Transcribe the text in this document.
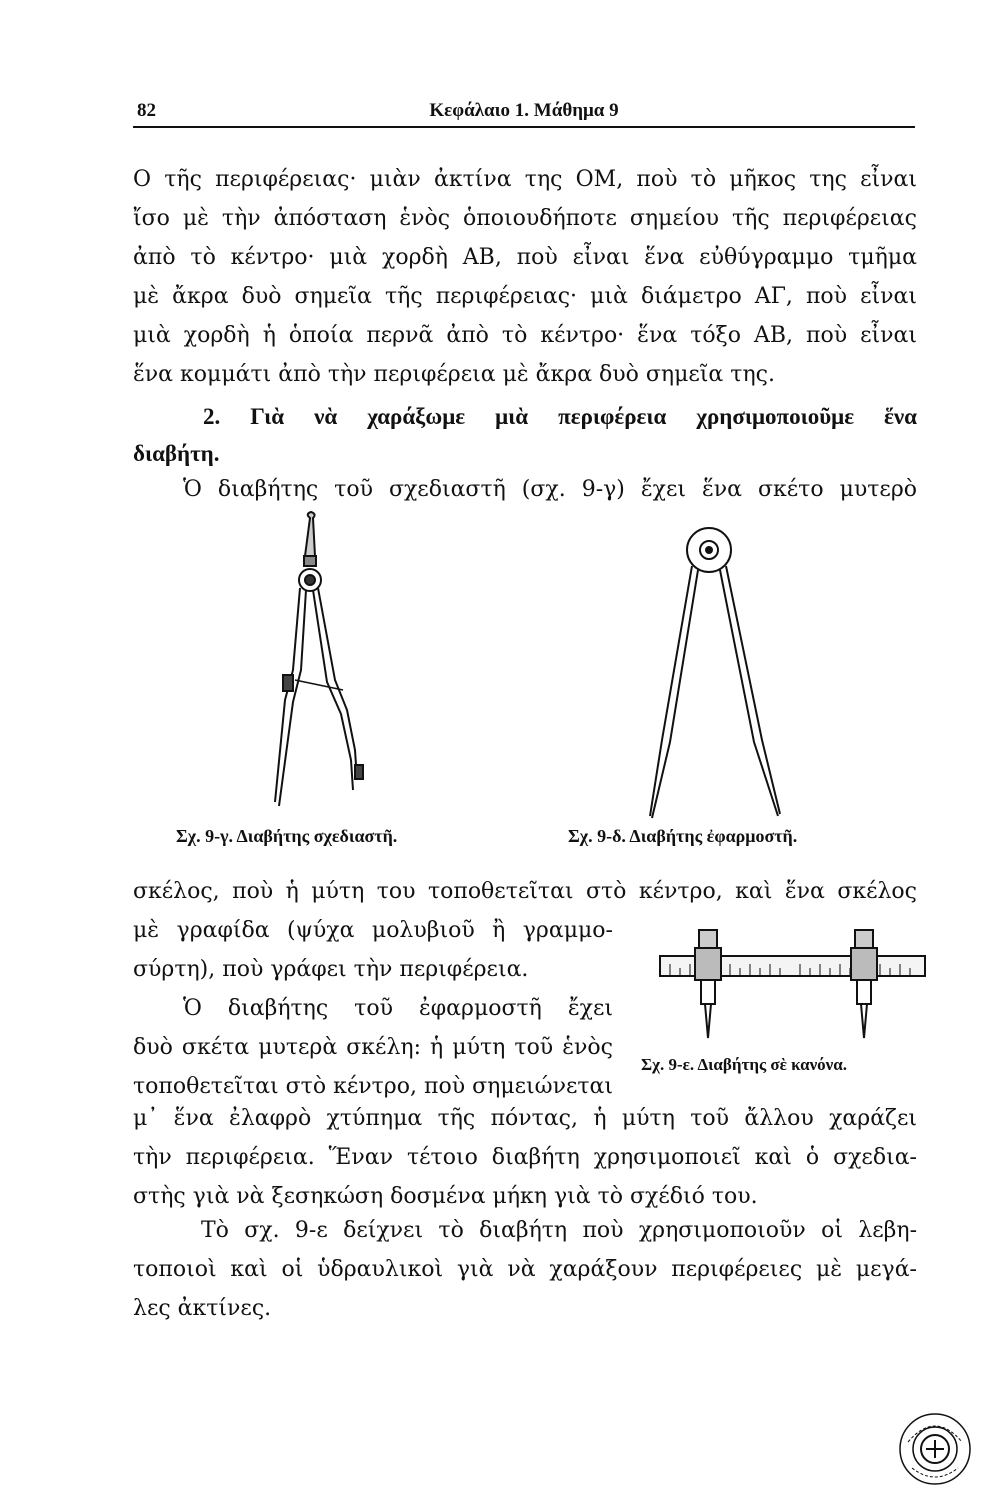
82	Κεφάλαιο 1. Μάθημα 9
Ο τῆς περιφέρειας· μιὰν ἀκτίνα της ΟΜ, ποὺ τὸ μῆκος της εἶναι
ἴσο μὲ τὴν ἀπόσταση ἑνὸς ὁποιουδήποτε σημείου τῆς περιφέρειας
ἀπὸ τὸ κέντρο· μιὰ χορδὴ ΑΒ, ποὺ εἶναι ἕνα εὐθύγραμμο τμῆμα
μὲ ἄκρα δυὸ σημεῖα τῆς περιφέρειας· μιὰ διάμετρο ΑΓ, ποὺ εἶναι
μιὰ χορδὴ ἡ ὁποία περνᾶ ἀπὸ τὸ κέντρο· ἕνα τόξο ΑΒ, ποὺ εἶναι
ἕνα κομμάτι ἀπὸ τὴν περιφέρεια μὲ ἄκρα δυὸ σημεῖα της.
2. Γιὰ νὰ χαράξωμε μιὰ περιφέρεια χρησιμοποιοῦμε ἕνα
διαβήτη.
Ὁ διαβήτης τοῦ σχεδιαστῆ (σχ. 9-γ) ἔχει ἕνα σκέτο μυτερὸ
Σχ. 9-γ. Διαβήτης σχεδιαστῆ.	Σχ. 9-δ. Διαβήτης ἐφαρμοστῆ.
σκέλος, ποὺ ἡ μύτη του τοποθετεῖται στὸ κέντρο, καὶ ἕνα σκέλος
μὲ γραφίδα (ψύχα μολυβιοῦ ἢ γραμμο-
σύρτη), ποὺ γράφει τὴν περιφέρεια.
Ὁ διαβήτης τοῦ ἐφαρμοστῆ ἔχει
δυὸ σκέτα μυτερὰ σκέλη: ἡ μύτη τοῦ ἑνὸς
τοποθετεῖται στὸ κέντρο, ποὺ σημειώνεται
Σχ. 9-ε. Διαβήτης σὲ κανόνα.
μ᾽ ἕνα ἐλαφρὸ χτύπημα τῆς πόντας, ἡ μύτη τοῦ ἄλλου χαράζει
τὴν περιφέρεια. Ἕναν τέτοιο διαβήτη χρησιμοποιεῖ καὶ ὁ σχεδια-
στὴς γιὰ νὰ ξεσηκώση δοσμένα μήκη γιὰ τὸ σχέδιό του.
Τὸ σχ. 9-ε δείχνει τὸ διαβήτη ποὺ χρησιμοποιοῦν οἱ λεβη-
τοποιοὶ καὶ οἱ ὑδραυλικοὶ γιὰ νὰ χαράξουν περιφέρειες μὲ μεγά-
λες ἀκτίνες.
